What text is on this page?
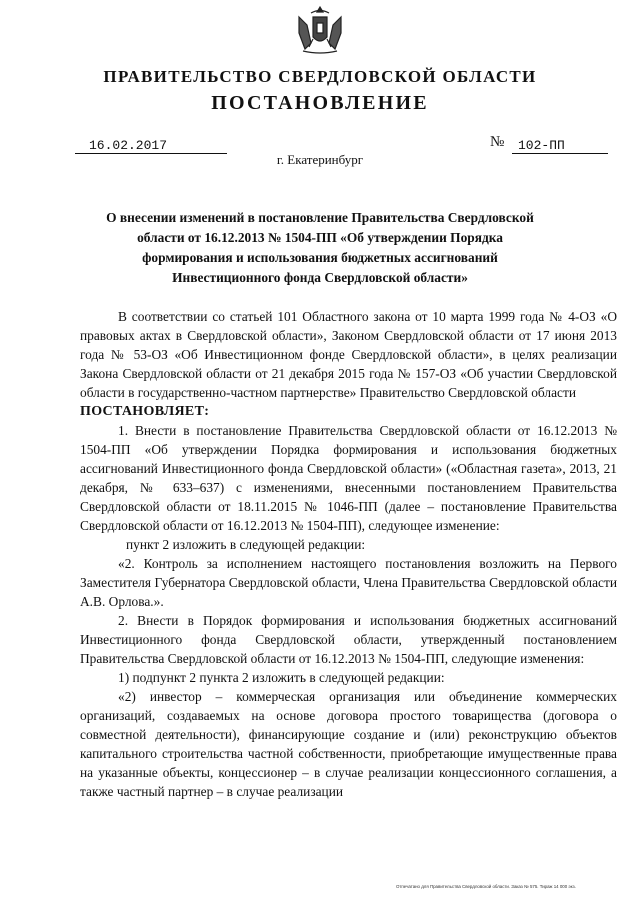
ПРАВИТЕЛЬСТВО СВЕРДЛОВСКОЙ ОБЛАСТИ
ПОСТАНОВЛЕНИЕ
16.02.2017	№	102-ПП
г. Екатеринбург
О внесении изменений в постановление Правительства Свердловской области от 16.12.2013 № 1504-ПП «Об утверждении Порядка формирования и использования бюджетных ассигнований Инвестиционного фонда Свердловской области»

В соответствии со статьей 101 Областного закона от 10 марта 1999 года № 4-ОЗ «О правовых актах в Свердловской области», Законом Свердловской области от 17 июня 2013 года № 53-ОЗ «Об Инвестиционном фонде Свердловской области», в целях реализации Закона Свердловской области от 21 декабря 2015 года № 157-ОЗ «Об участии Свердловской области в государственно-частном партнерстве» Правительство Свердловской области

ПОСТАНОВЛЯЕТ:

1. Внести в постановление Правительства Свердловской области от 16.12.2013 № 1504-ПП «Об утверждении Порядка формирования и использования бюджетных ассигнований Инвестиционного фонда Свердловской области» («Областная газета», 2013, 21 декабря, № 633–637) с изменениями, внесенными постановлением Правительства Свердловской области от 18.11.2015 № 1046-ПП (далее – постановление Правительства Свердловской области от 16.12.2013 № 1504-ПП), следующее изменение:

пункт 2 изложить в следующей редакции:

«2. Контроль за исполнением настоящего постановления возложить на Первого Заместителя Губернатора Свердловской области, Члена Правительства Свердловской области А.В. Орлова.».

2. Внести в Порядок формирования и использования бюджетных ассигнований Инвестиционного фонда Свердловской области, утвержденный постановлением Правительства Свердловской области от 16.12.2013 № 1504-ПП, следующие изменения:

1) подпункт 2 пункта 2 изложить в следующей редакции:

«2) инвестор – коммерческая организация или объединение коммерческих организаций, создаваемых на основе договора простого товарищества (договора о совместной деятельности), финансирующие создание и (или) реконструкцию объектов капитального строительства частной собственности, приобретающие имущественные права на указанные объекты, концессионер – в случае реализации концессионного соглашения, а также частный партнер – в случае реализации

Отпечатано для Правительства Свердловской области. Заказ № 575. Тираж 14 000 экз.
